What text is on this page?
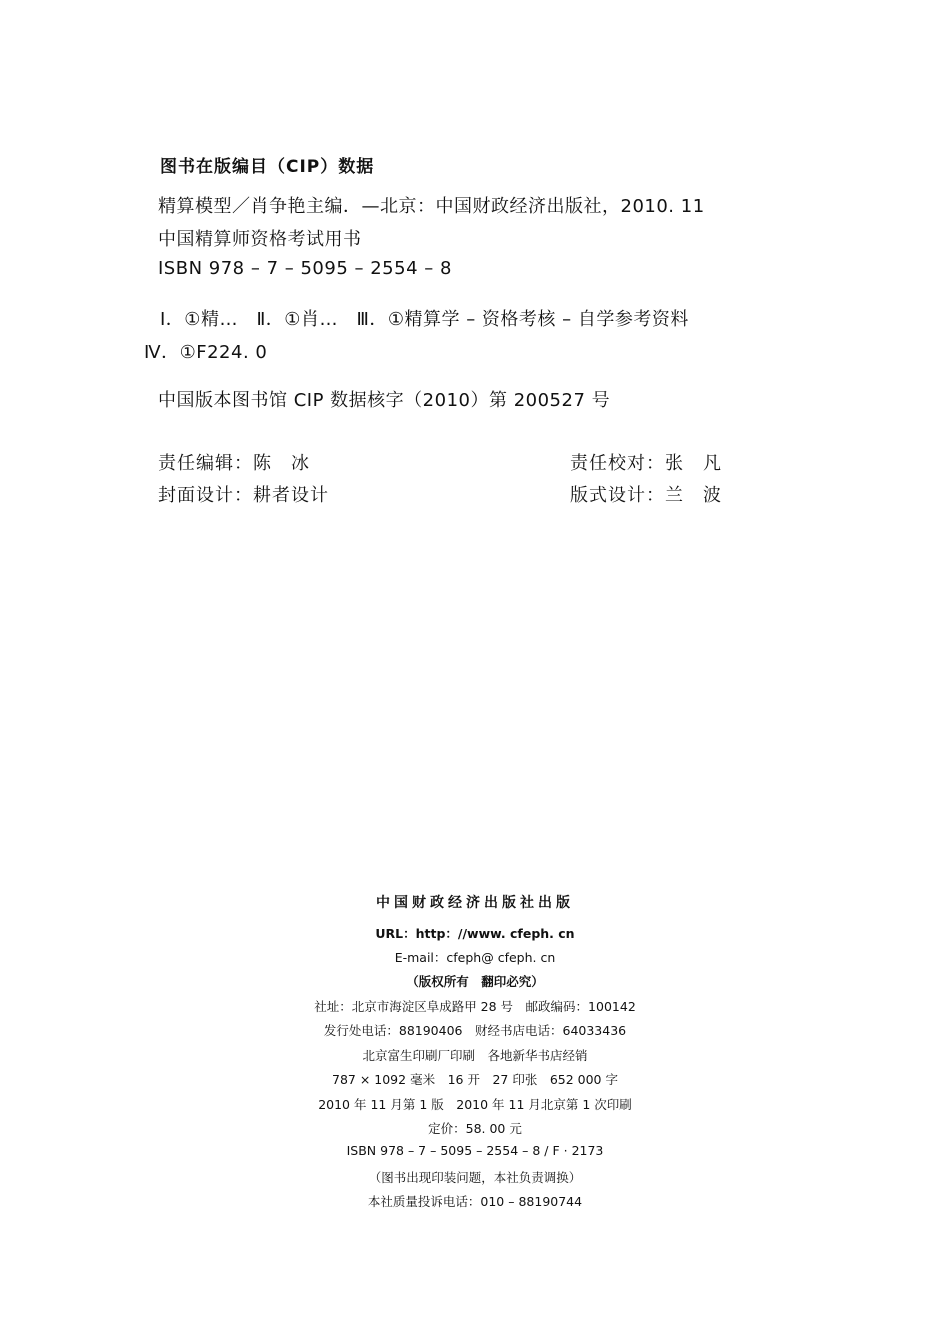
图书在版编目（CIP）数据
精算模型／肖争艳主编．—北京：中国财政经济出版社，2010. 11
中国精算师资格考试用书
ISBN 978 – 7 – 5095 – 2554 – 8
Ⅰ．①精…　Ⅱ．①肖…　Ⅲ．①精算学 – 资格考核 – 自学参考资料
Ⅳ．①F224. 0
中国版本图书馆 CIP 数据核字（2010）第 200527 号
责任编辑：陈　冰	责任校对：张　凡
封面设计：耕者设计	版式设计：兰　波
中国财政经济出版社出版
URL：http：//www. cfeph. cn
E-mail：cfeph@ cfeph. cn
（版权所有　翻印必究）
社址：北京市海淀区阜成路甲 28 号　邮政编码：100142
发行处电话：88190406　财经书店电话：64033436
北京富生印刷厂印刷　各地新华书店经销
787 × 1092 毫米　16 开　27 印张　652 000 字
2010 年 11 月第 1 版　2010 年 11 月北京第 1 次印刷
定价：58. 00 元
ISBN 978 – 7 – 5095 – 2554 – 8 / F · 2173
（图书出现印装问题，本社负责调换）
本社质量投诉电话：010 – 88190744
